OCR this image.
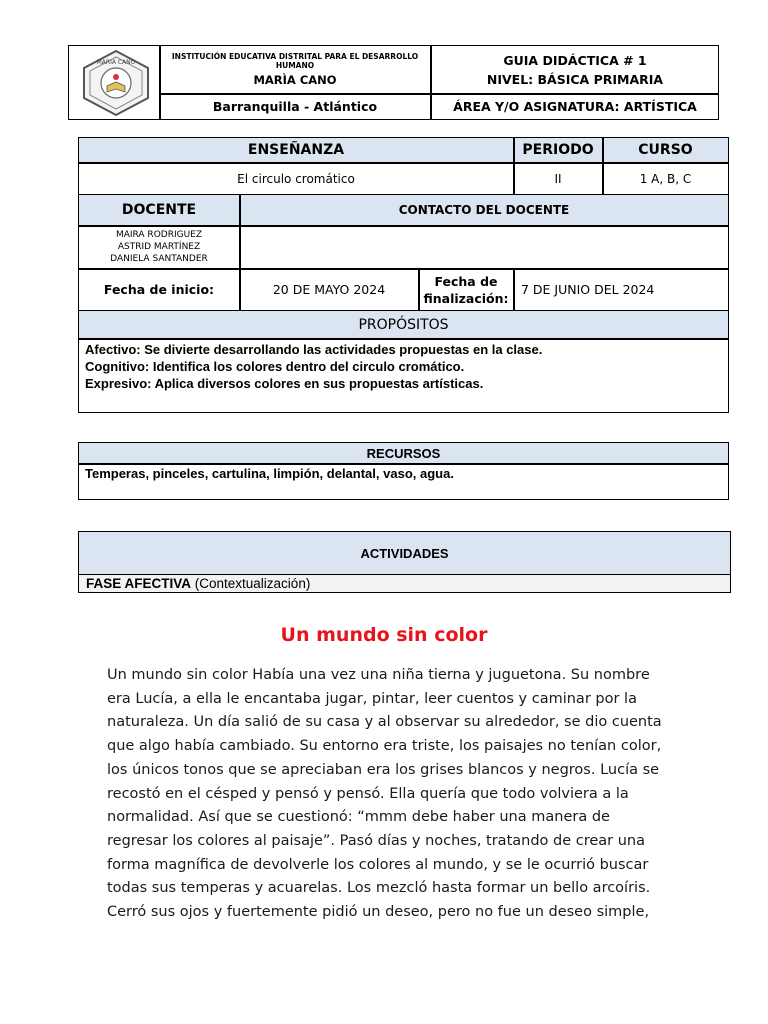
MARIA CANO
INSTITUCIÓN EDUCATIVA DISTRITAL PARA EL DESARROLLO HUMANO
MARÌA CANO
Barranquilla - Atlántico
GUIA DIDÁCTICA # 1
NIVEL: BÁSICA PRIMARIA
ÁREA Y/O ASIGNATURA: ARTÍSTICA
ENSEÑANZA	PERIODO	CURSO
El circulo cromático	II	1 A, B, C
DOCENTE	CONTACTO DEL DOCENTE
MAIRA RODRIGUEZ
ASTRID MARTÍNEZ
DANIELA SANTANDER
Fecha de inicio:	20 DE MAYO 2024
Fecha de
finalización:
7 DE JUNIO DEL 2024
PROPÓSITOS
Afectivo: Se divierte desarrollando las actividades propuestas en la clase.
Cognitivo: Identifica los colores dentro del circulo cromático.
Expresivo: Aplica diversos colores en sus propuestas artísticas.
RECURSOS
Temperas, pinceles, cartulina, limpión, delantal, vaso, agua.
ACTIVIDADES
FASE AFECTIVA (Contextualización)
Un mundo sin color

Un mundo sin color Había una vez una niña tierna y juguetona. Su nombre

era Lucía, a ella le encantaba jugar, pintar, leer cuentos y caminar por la

naturaleza. Un día salió de su casa y al observar su alrededor, se dio cuenta

que algo había cambiado. Su entorno era triste, los paisajes no tenían color,

los únicos tonos que se apreciaban era los grises blancos y negros. Lucía se

recostó en el césped y pensó y pensó. Ella quería que todo volviera a la

normalidad. Así que se cuestionó: “mmm debe haber una manera de

regresar los colores al paisaje”. Pasó días y noches, tratando de crear una

forma magnífica de devolverle los colores al mundo, y se le ocurrió buscar

todas sus temperas y acuarelas. Los mezcló hasta formar un bello arcoíris.

Cerró sus ojos y fuertemente pidió un deseo, pero no fue un deseo simple,
